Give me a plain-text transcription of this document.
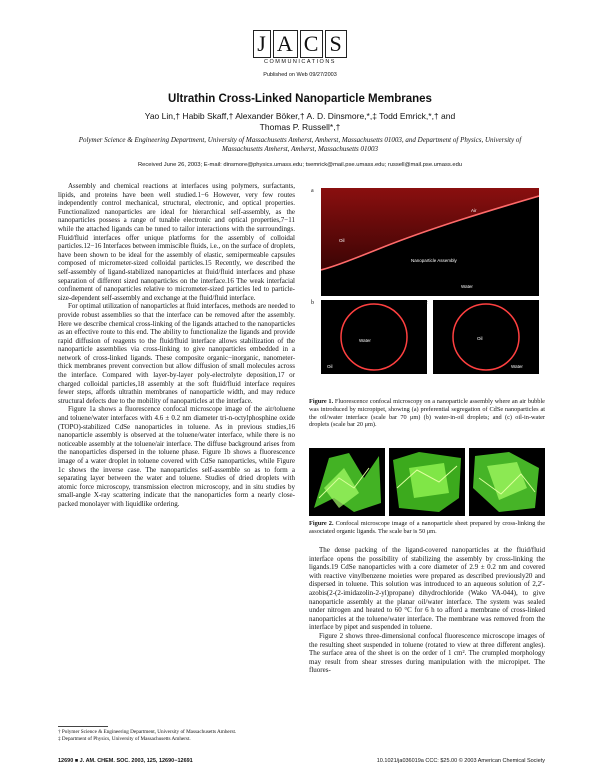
J A C S
COMMUNICATIONS
Published on Web 09/27/2003
Ultrathin Cross-Linked Nanoparticle Membranes
Yao Lin,† Habib Skaff,† Alexander Böker,† A. D. Dinsmore,*,‡ Todd Emrick,*,† and
Thomas P. Russell*,†
Polymer Science & Engineering Department, University of Massachusetts Amherst, Amherst, Massachusetts 01003, and Department of Physics, University of Massachusetts Amherst, Amherst, Massachusetts 01003
Received June 26, 2003; E-mail: dinsmore@physics.umass.edu; tsemrick@mail.pse.umass.edu; russell@mail.pse.umass.edu

Assembly and chemical reactions at interfaces using polymers, surfactants, lipids, and proteins have been well studied.1−6 However, very few routes independently control mechanical, structural, electronic, and optical properties. Functionalized nanoparticles are ideal for hierarchical self-assembly, as the nanoparticles possess a range of tunable electronic and optical properties,7−11 while the attached ligands can be tuned to tailor interactions with the surroundings. Fluid/fluid interfaces offer unique platforms for the assembly of colloidal particles.12−16 Interfaces between immiscible fluids, i.e., on the surface of droplets, have been shown to be ideal for the assembly of elastic, semipermeable capsules composed of micrometer-sized colloidal particles.15 Recently, we described the self-assembly of ligand-stabilized nanoparticles at fluid/fluid interfaces and phase separation of different sized nanoparticles on the interface.16 The weak interfacial confinement of nanoparticles relative to micrometer-sized particles led to particle-size-dependent self-assembly and exchange at the fluid/fluid interface.

For optimal utilization of nanoparticles at fluid interfaces, methods are needed to provide robust assemblies so that the interface can be removed after the assembly. Here we describe chemical cross-linking of the ligands attached to the nanoparticles as an effective route to this end. The ability to functionalize the ligands and provide rapid diffusion of reagents to the fluid/fluid interface allows stabilization of the nanoparticle assemblies via cross-linking to give nanoparticles embedded in a network of cross-linked ligands. These composite organic−inorganic, nanometer-thick membranes prevent convection but allow diffusion of small molecules across the interface. Compared with layer-by-layer poly-electrolyte deposition,17 or charged colloidal particles,18 assembly at the soft fluid/fluid interface requires fewer steps, affords ultrathin membranes of nanoparticle width, and may reduce structural defects due to the mobility of nanoparticles at the interface.

Figure 1a shows a fluorescence confocal microscope image of the air/toluene and toluene/water interfaces with 4.6 ± 0.2 nm diameter tri-n-octylphosphine oxide (TOPO)-stabilized CdSe nanoparticles in toluene. As in previous studies,16 nanoparticle assembly is observed at the toluene/water interface, while there is no noticeable assembly at the toluene/air interface. The diffuse background arises from the nanoparticles dispersed in the toluene phase. Figure 1b shows a fluorescence image of a water droplet in toluene covered with CdSe nanoparticles, while Figure 1c shows the inverse case. The nanoparticles self-assemble so as to form a separating layer between the water and toluene. Studies of dried droplets with atomic force microscopy, transmission electron microscopy, and in situ studies by small-angle X-ray scattering indicate that the nanoparticles form a nearly close-packed monolayer with liquidlike ordering.

Air
Oil
Nanoparticle Assembly
Water
a
Water
Oil
b
Oil
Water
c
Figure 1. Fluorescence confocal microscopy on a nanoparticle assembly where an air bubble was introduced by micropipet, showing (a) preferential segregation of CdSe nanoparticles at the oil/water interface (scale bar 70 μm) (b) water-in-oil droplets; and (c) oil-in-water droplets (scale bar 20 μm).
Figure 2. Confocal microscope image of a nanoparticle sheet prepared by cross-linking the associated organic ligands. The scale bar is 50 μm.

The dense packing of the ligand-covered nanoparticles at the fluid/fluid interface opens the possibility of stabilizing the assembly by cross-linking the ligands.19 CdSe nanoparticles with a core diameter of 2.9 ± 0.2 nm and covered with reactive vinylbenzene moieties were prepared as described previously20 and dispersed in toluene. This solution was introduced to an aqueous solution of 2,2′-azobis(2-(2-imidazolin-2-yl)propane) dihydrochloride (Wako VA-044), to give nanoparticle assembly at the planar oil/water interface. The system was sealed under nitrogen and heated to 60 °C for 6 h to afford a membrane of cross-linked nanoparticles at the toluene/water interface. The membrane was removed from the interface by pipet and suspended in toluene.

Figure 2 shows three-dimensional confocal fluorescence microscope images of the resulting sheet suspended in toluene (rotated to view at three different angles). The surface area of the sheet is on the order of 1 cm². The crumpled morphology may result from shear stresses during manipulation with the micropipet. The fluores-

† Polymer Science & Engineering Department, University of Massachusetts Amherst.
‡ Department of Physics, University of Massachusetts Amherst.
12690 ■ J. AM. CHEM. SOC. 2003, 125, 12690−12691	10.1021/ja036019a CCC: $25.00 © 2003 American Chemical Society
